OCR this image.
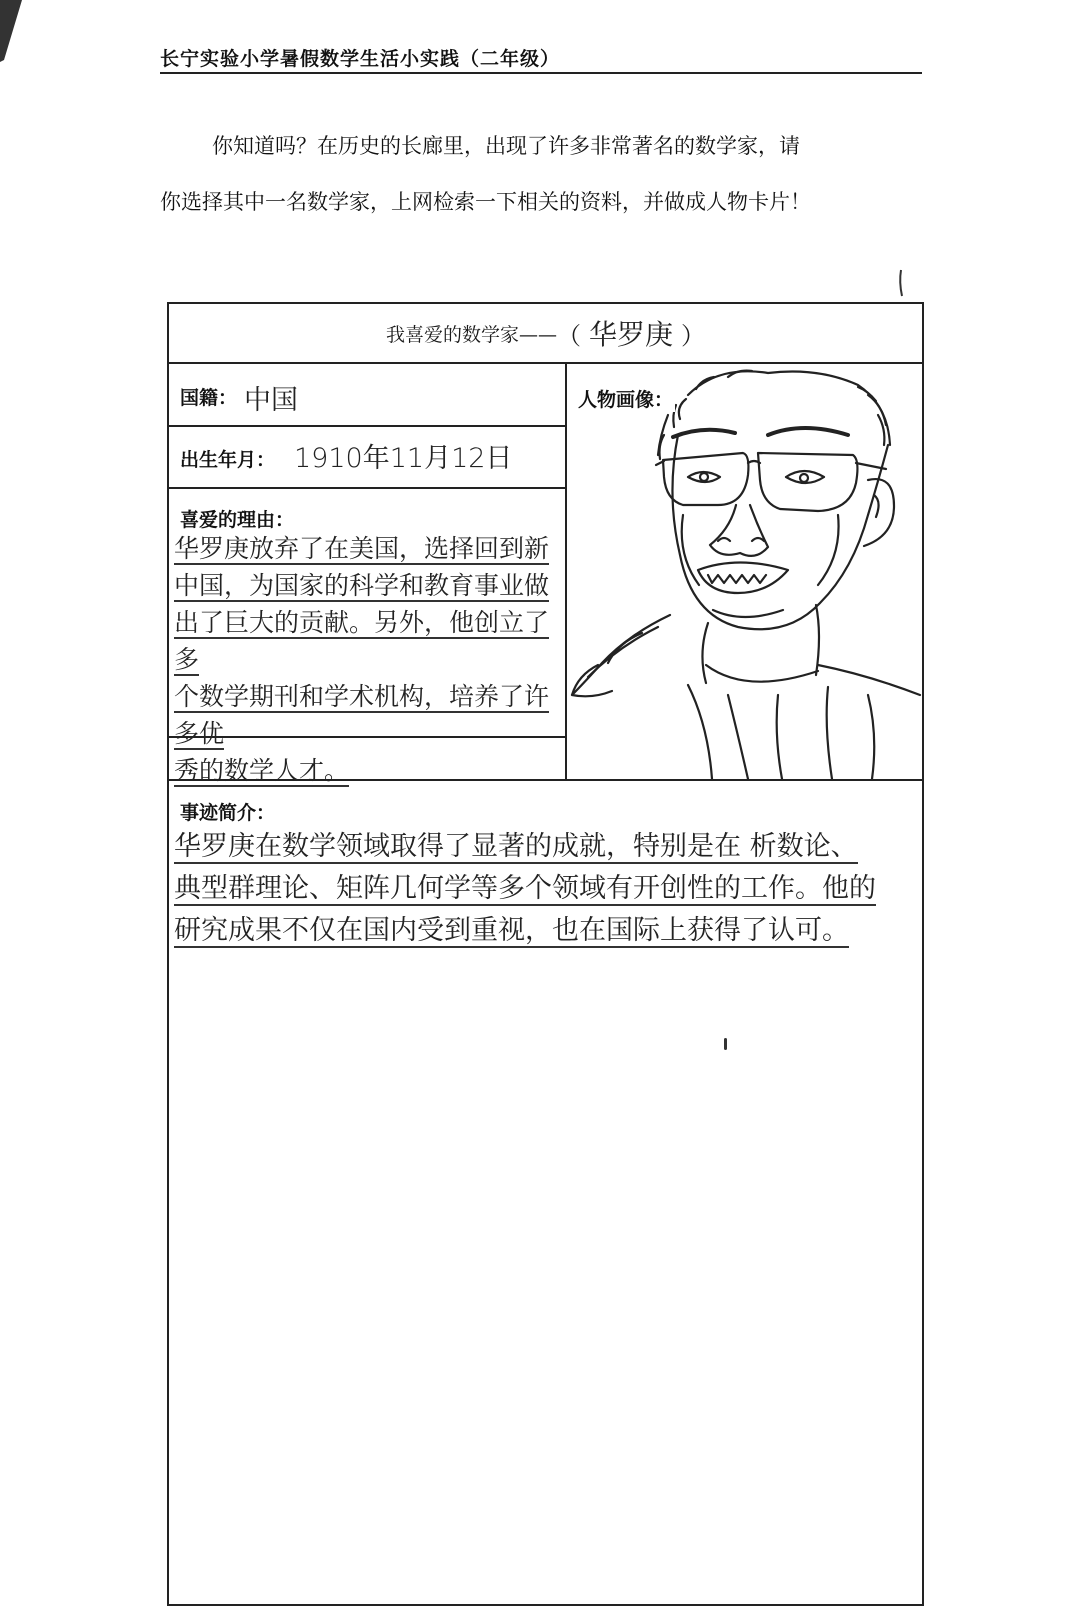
长宁实验小学暑假数学生活小实践（二年级）

你知道吗？在历史的长廊里，出现了许多非常著名的数学家，请

你选择其中一名数学家，上网检索一下相关的资料，并做成人物卡片！

我喜爱的数学家—— （ 华罗庚 ）
国籍： 中国
出生年月： 1910年11月12日
人物画像：
喜爱的理由：
华罗庚放弃了在美国，选择回到新
中国，为国家的科学和教育事业做
出了巨大的贡献。另外，他创立了多
个数学期刊和学术机构，培养了许多优
秀的数学人才。
事迹简介：
华罗庚在数学领域取得了显著的成就，特别是在 析数论、
典型群理论、矩阵几何学等多个领域有开创性的工作。他的
研究成果不仅在国内受到重视，也在国际上获得了认可。
